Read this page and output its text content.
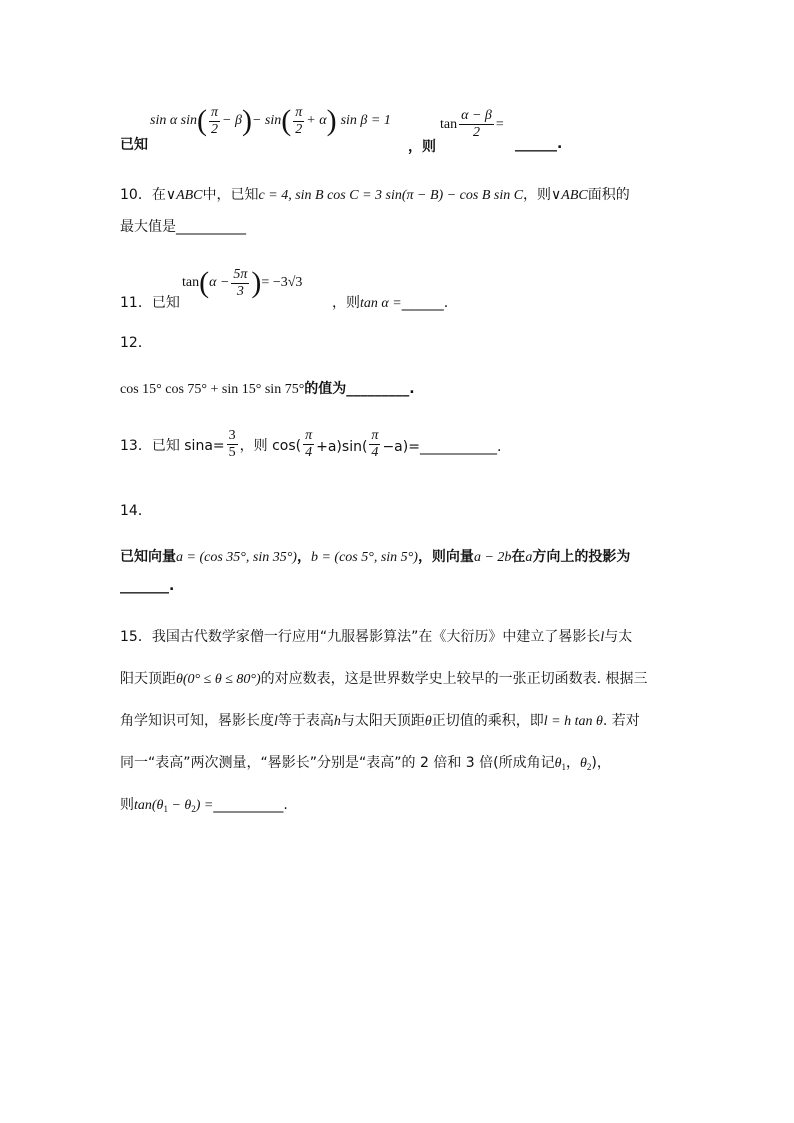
已知
sin α sin ( $\frac{\pi}{2} - \beta$ ) − sin ( $\frac{\pi}{2} + \alpha$ ) sin β = 1
，则
$\tan \frac{\alpha - \beta}{2}$ =
______.
10．在∨ABC中，已知c = 4, sin B cos C = 3 sin(π − B) − cos B sin C，则∨ABC面积的
最大值是__________
tan ( $\alpha - \frac{5\pi}{3}$ ) = −3√3
11．已知	，则tan α =______.
12．
cos 15° cos 75° + sin 15° sin 75°的值为_________.
13．已知 $\sin a= \frac{3}{5}$ ，则 $\cos( \frac{\pi}{4} +a)\sin( \frac{\pi}{4}$ −a)=___________.
14．
已知向量a = (cos 35°, sin 35°)，b = (cos 5°, sin 5°)，则向量a − 2b在a方向上的投影为
_______.
15．我国古代数学家僧一行应用“九服晷影算法”在《大衍历》中建立了晷影长l与太
阳天顶距θ(0° ≤ θ ≤ 80°)的对应数表，这是世界数学史上较早的一张正切函数表. 根据三
角学知识可知，晷影长度l等于表高h与太阳天顶距θ正切值的乘积，即l = h tan θ. 若对
同一“表高”两次测量，“晷影长”分别是“表高”的 2 倍和 3 倍(所成角记$\theta_1$，$\theta_2$)，
则$\tan(\theta_1 - \theta_2)$ =__________.
